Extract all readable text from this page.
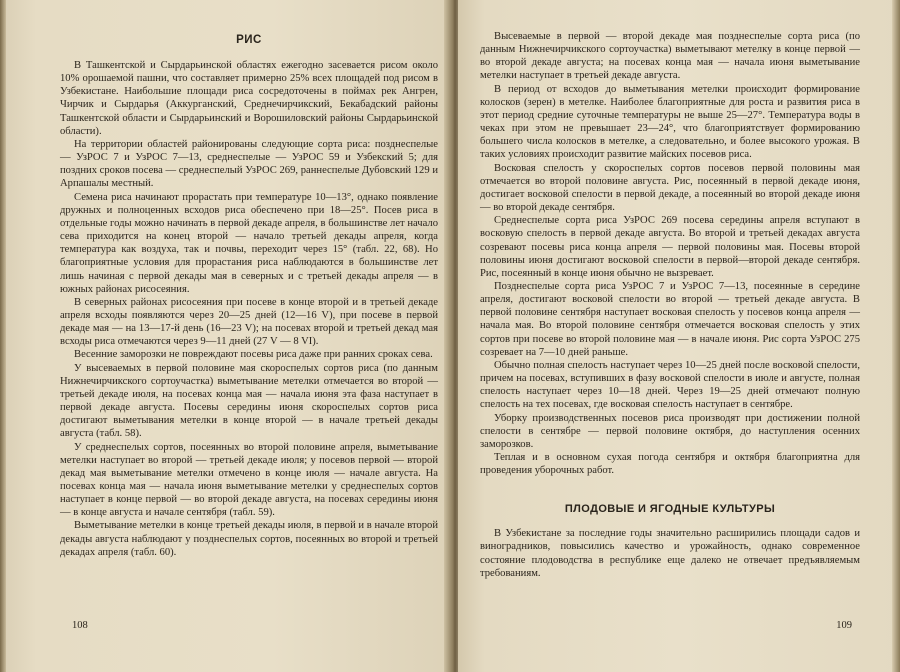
РИС

В Ташкентской и Сырдарьинской областях ежегодно засевается рисом около 10% орошаемой пашни, что составляет примерно 25% всех площадей под рисом в Узбекистане. Наибольшие площади риса сосредоточены в поймах рек Ангрен, Чирчик и Сырдарья (Аккурганский, Среднечирчикский, Бекабадский районы Ташкентской области и Сырдарьинский и Ворошиловский районы Сырдарьинской области).

На территории областей районированы следующие сорта риса: позднеспелые — УзРОС 7 и УзРОС 7—13, среднеспелые — УзРОС 59 и Узбекский 5; для поздних сроков посева — среднеспелый УзРОС 269, раннеспелые Дубовский 129 и Арпашалы местный.

Семена риса начинают прорастать при температуре 10—13°, однако появление дружных и полноценных всходов риса обеспечено при 18—25°. Посев риса в отдельные годы можно начинать в первой декаде апреля, в большинстве лет начало сева приходится на конец второй — начало третьей декады апреля, когда температура как воздуха, так и почвы, переходит через 15° (табл. 22, 68). Но благоприятные условия для прорастания риса наблюдаются в большинстве лет лишь начиная с первой декады мая в северных и с третьей декады апреля — в южных районах рисосеяния.

В северных районах рисосеяния при посеве в конце второй и в третьей декаде апреля всходы появляются через 20—25 дней (12—16 V), при посеве в первой декаде мая — на 13—17-й день (16—23 V); на посевах второй и третьей декад мая всходы риса отмечаются через 9—11 дней (27 V — 8 VI).

Весенние заморозки не повреждают посевы риса даже при ранних сроках сева.

У высеваемых в первой половине мая скороспелых сортов риса (по данным Нижнечирчикского сортоучастка) выметывание метелки отмечается во второй — третьей декаде июля, на посевах конца мая — начала июня эта фаза наступает в первой декаде августа. Посевы середины июня скороспелых сортов риса достигают выметывания метелки в конце второй — в начале третьей декады августа (табл. 58).

У среднеспелых сортов, посеянных во второй половине апреля, выметывание метелки наступает во второй — третьей декаде июля; у посевов первой — второй декад мая выметывание метелки отмечено в конце июля — начале августа. На посевах конца мая — начала июня выметывание метелки у среднеспелых сортов наступает в конце первой — во второй декаде августа, на посевах середины июня — в конце августа и начале сентября (табл. 59).

Выметывание метелки в конце третьей декады июля, в первой и в начале второй декады августа наблюдают у позднеспелых сортов, посеянных во второй и третьей декадах апреля (табл. 60).

108

Высеваемые в первой — второй декаде мая позднеспелые сорта риса (по данным Нижнечирчикского сортоучастка) выметывают метелку в конце первой — во второй декаде августа; на посевах конца мая — начала июня выметывание метелки наступает в третьей декаде августа.

В период от всходов до выметывания метелки происходит формирование колосков (зерен) в метелке. Наиболее благоприятные для роста и развития риса в этот период средние суточные температуры не выше 25—27°. Температура воды в чеках при этом не превышает 23—24°, что благоприятствует формированию большего числа колосков в метелке, а следовательно, и более высокого урожая. В таких условиях происходит развитие майских посевов риса.

Восковая спелость у скороспелых сортов посевов первой половины мая отмечается во второй половине августа. Рис, посеянный в первой декаде июня, достигает восковой спелости в первой декаде, а посеянный во второй декаде июня — во второй декаде сентября.

Среднеспелые сорта риса УзРОС 269 посева середины апреля вступают в восковую спелость в первой декаде августа. Во второй и третьей декадах августа созревают посевы риса конца апреля — первой половины мая. Посевы второй половины июня достигают восковой спелости в первой—второй декаде сентября. Рис, посеянный в конце июня обычно не вызревает.

Позднеспелые сорта риса УзРОС 7 и УзРОС 7—13, посеянные в середине апреля, достигают восковой спелости во второй — третьей декаде августа. В первой половине сентября наступает восковая спелость у посевов конца апреля — начала мая. Во второй половине сентября отмечается восковая спелость у этих сортов при посеве во второй половине мая — в начале июня. Рис сорта УзРОС 275 созревает на 7—10 дней раньше.

Обычно полная спелость наступает через 10—25 дней после восковой спелости, причем на посевах, вступивших в фазу восковой спелости в июле и августе, полная спелость наступает через 10—18 дней. Через 19—25 дней отмечают полную спелость на тех посевах, где восковая спелость наступает в сентябре.

Уборку производственных посевов риса производят при достижении полной спелости в сентябре — первой половине октября, до наступления осенних заморозков.

Теплая и в основном сухая погода сентября и октября благоприятна для проведения уборочных работ.

ПЛОДОВЫЕ И ЯГОДНЫЕ КУЛЬТУРЫ

В Узбекистане за последние годы значительно расширились площади садов и виноградников, повысились качество и урожайность, однако современное состояние плодоводства в республике еще далеко не отвечает предъявляемым требованиям.

109
